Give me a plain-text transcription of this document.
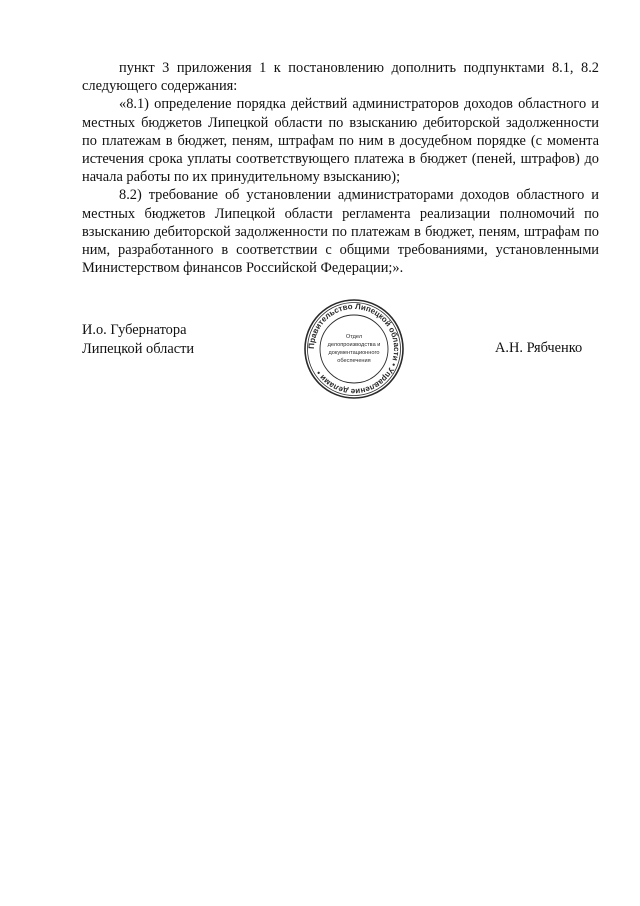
пункт 3 приложения 1 к постановлению дополнить подпунктами 8.1, 8.2 следующего содержания:

«8.1) определение порядка действий администраторов доходов областного и местных бюджетов Липецкой области по взысканию дебиторской задолженности по платежам в бюджет, пеням, штрафам по ним в досудебном порядке (с момента истечения срока уплаты соответствующего платежа в бюджет (пеней, штрафов) до начала работы по их принудительному взысканию);

8.2) требование об установлении администраторами доходов областного и местных бюджетов Липецкой области регламента реализации полномочий по взысканию дебиторской задолженности по платежам в бюджет, пеням, штрафам по ним, разработанного в соответствии с общими требованиями, установленными Министерством финансов Российской Федерации;».

И.о. Губернатора
Липецкой области	Правительство Липецкой области • Управление делами •
Отдел
делопроизводства и
документационного
обеспечения
А.Н. Рябченко
